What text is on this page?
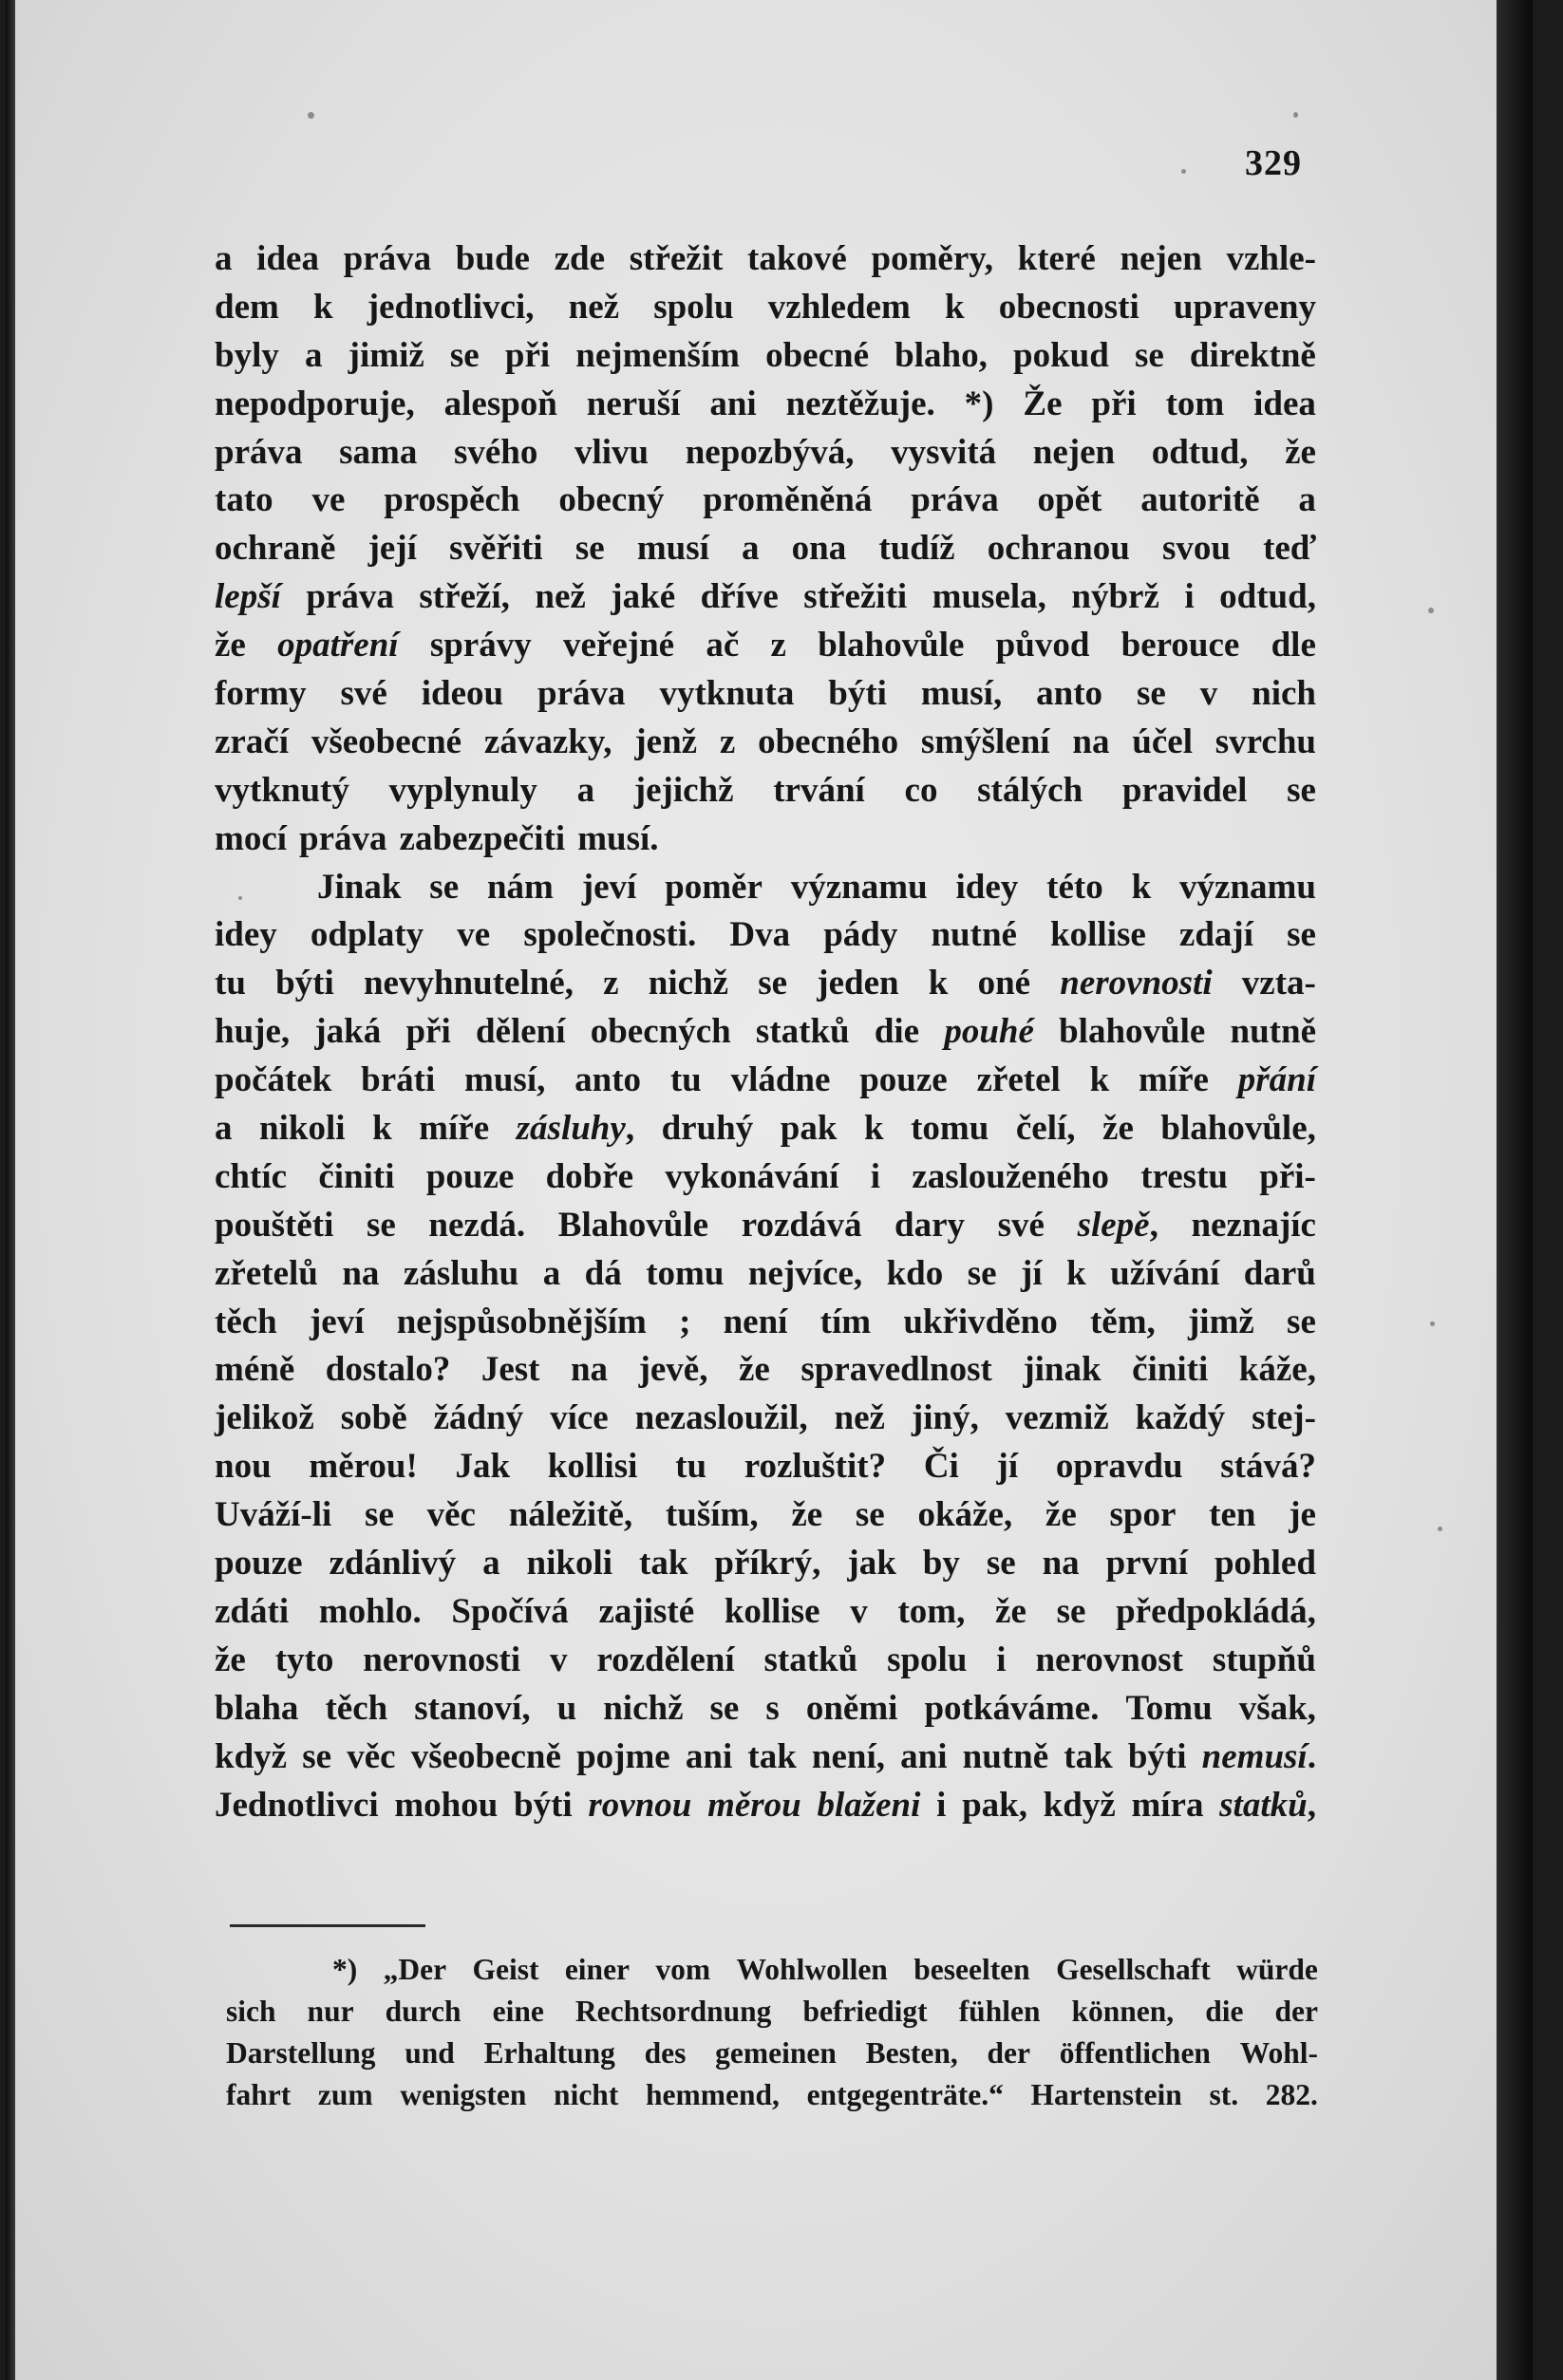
329
a idea práva bude zde střežit takové poměry, které nejen vzhle-
dem k jednotlivci, než spolu vzhledem k obecnosti upraveny
byly a jimiž se při nejmenším obecné blaho, pokud se direktně
nepodporuje, alespoň neruší ani neztěžuje. *) Že při tom idea
práva sama svého vlivu nepozbývá, vysvitá nejen odtud, že
tato ve prospěch obecný proměněná práva opět autoritě a
ochraně její svěřiti se musí a ona tudíž ochranou svou teď
lepší práva střeží, než jaké dříve střežiti musela, nýbrž i odtud,
že opatření správy veřejné ač z blahovůle původ berouce dle
formy své ideou práva vytknuta býti musí, anto se v nich
zračí všeobecné závazky, jenž z obecného smýšlení na účel svrchu
vytknutý vyplynuly a jejichž trvání co stálých pravidel se
mocí práva zabezpečiti musí.
Jinak se nám jeví poměr významu idey této k významu
idey odplaty ve společnosti. Dva pády nutné kollise zdají se
tu býti nevyhnutelné, z nichž se jeden k oné nerovnosti vzta-
huje, jaká při dělení obecných statků die pouhé blahovůle nutně
počátek bráti musí, anto tu vládne pouze zřetel k míře přání
a nikoli k míře zásluhy, druhý pak k tomu čelí, že blahovůle,
chtíc činiti pouze dobře vykonávání i zaslouženého trestu při-
pouštěti se nezdá. Blahovůle rozdává dary své slepě, neznajíc
zřetelů na zásluhu a dá tomu nejvíce, kdo se jí k užívání darů
těch jeví nejspůsobnějším ; není tím ukřivděno těm, jimž se
méně dostalo? Jest na jevě, že spravedlnost jinak činiti káže,
jelikož sobě žádný více nezasloužil, než jiný, vezmiž každý stej-
nou měrou! Jak kollisi tu rozluštit? Či jí opravdu stává?
Uváží-li se věc náležitě, tuším, že se okáže, že spor ten je
pouze zdánlivý a nikoli tak příkrý, jak by se na první pohled
zdáti mohlo. Spočívá zajisté kollise v tom, že se předpokládá,
že tyto nerovnosti v rozdělení statků spolu i nerovnost stupňů
blaha těch stanoví, u nichž se s oněmi potkáváme. Tomu však,
když se věc všeobecně pojme ani tak není, ani nutně tak býti nemusí.
Jednotlivci mohou býti rovnou měrou blaženi i pak, když míra statků,
*) „Der Geist einer vom Wohlwollen beseelten Gesellschaft würde
sich nur durch eine Rechtsordnung befriedigt fühlen können, die der
Darstellung und Erhaltung des gemeinen Besten, der öffentlichen Wohl-
fahrt zum wenigsten nicht hemmend, entgegenträte.“ Hartenstein st. 282.
